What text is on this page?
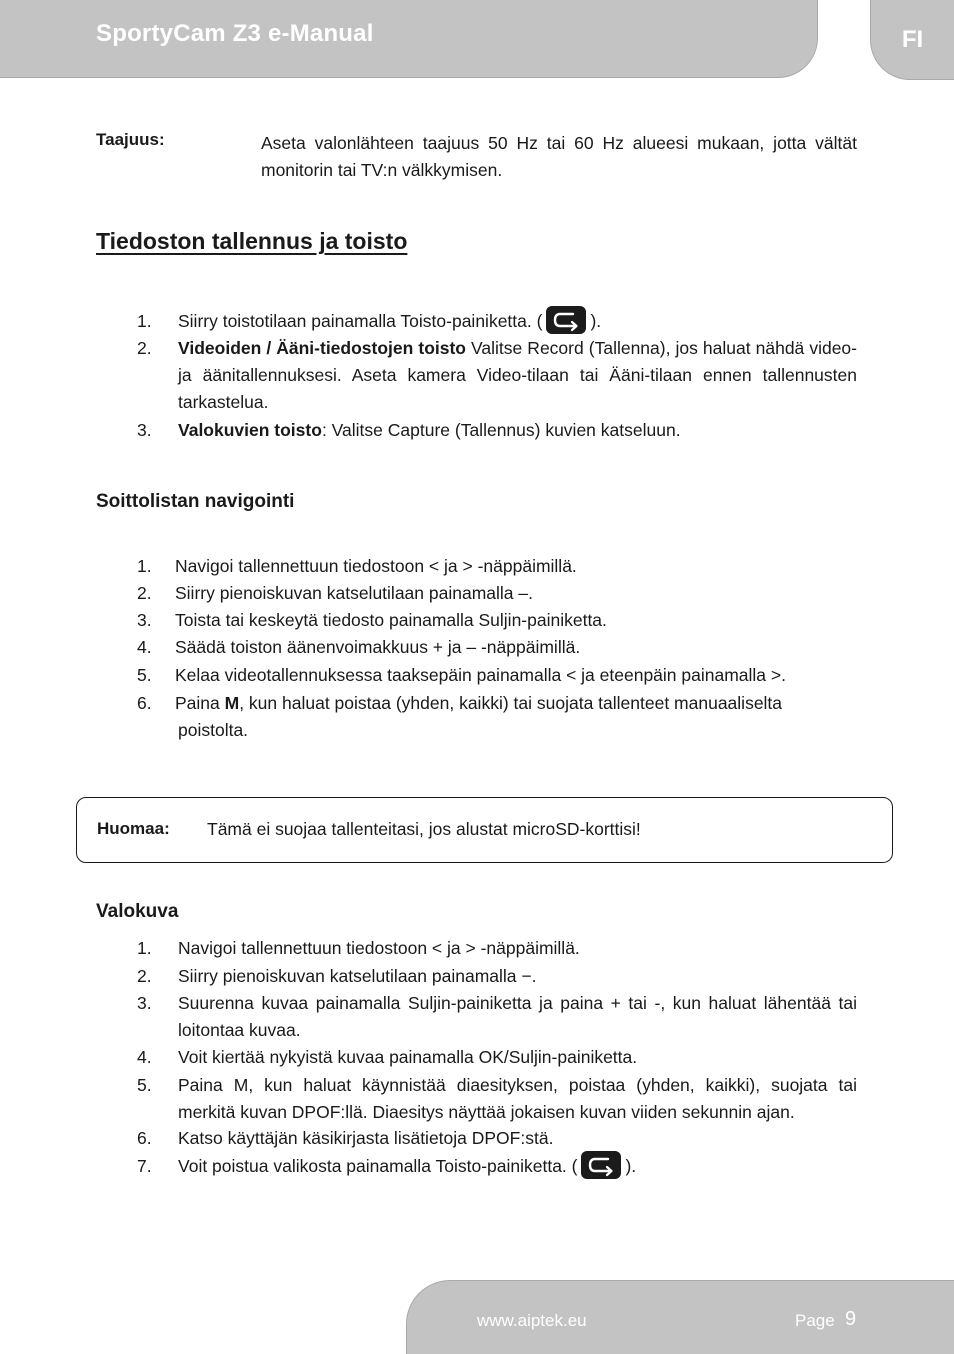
SportyCam Z3 e-Manual	FI
Taajuus:	Aseta valonlähteen taajuus 50 Hz tai 60 Hz alueesi mukaan, jotta vältät monitorin tai TV:n välkkymisen.
Tiedoston tallennus ja toisto
1. Siirry toistotilaan painamalla Toisto-painiketta. (	).
2. Videoiden / Ääni-tiedostojen toisto Valitse Record (Tallenna), jos haluat nähdä video- ja äänitallennuksesi. Aseta kamera Video-tilaan tai Ääni-tilaan ennen tallennusten tarkastelua.
3. Valokuvien toisto: Valitse Capture (Tallennus) kuvien katseluun.
Soittolistan navigointi
1. Navigoi tallennettuun tiedostoon < ja > -näppäimillä.
2. Siirry pienoiskuvan katselutilaan painamalla –.
3. Toista tai keskeytä tiedosto painamalla Suljin-painiketta.
4. Säädä toiston äänenvoimakkuus + ja – -näppäimillä.
5. Kelaa videotallennuksessa taaksepäin painamalla < ja eteenpäin painamalla >.
6. Paina M, kun haluat poistaa (yhden, kaikki) tai suojata tallenteet manuaaliselta
poistolta.
Huomaa: Tämä ei suojaa tallenteitasi, jos alustat microSD-korttisi!
Valokuva
1. Navigoi tallennettuun tiedostoon < ja > -näppäimillä.
2. Siirry pienoiskuvan katselutilaan painamalla −.
3. Suurenna kuvaa painamalla Suljin-painiketta ja paina + tai -, kun haluat lähentää tai loitontaa kuvaa.
4. Voit kiertää nykyistä kuvaa painamalla OK/Suljin-painiketta.
5. Paina M, kun haluat käynnistää diaesityksen, poistaa (yhden, kaikki), suojata tai merkitä kuvan DPOF:llä. Diaesitys näyttää jokaisen kuvan viiden sekunnin ajan.
6. Katso käyttäjän käsikirjasta lisätietoja DPOF:stä.
7. Voit poistua valikosta painamalla Toisto-painiketta. (	).
www.aiptek.eu	Page 9
